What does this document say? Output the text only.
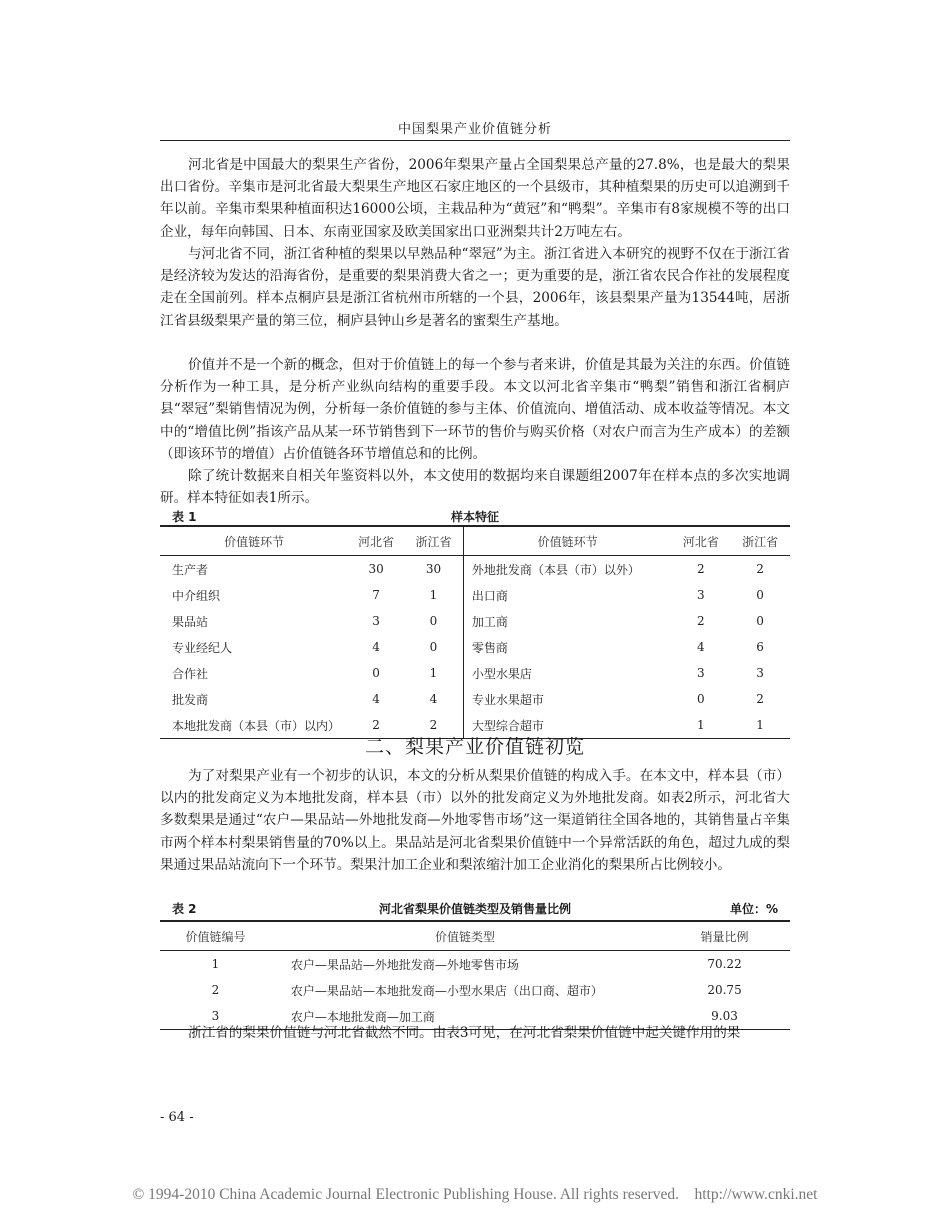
中国梨果产业价值链分析

河北省是中国最大的梨果生产省份，2006年梨果产量占全国梨果总产量的27.8%，也是最大的梨果出口省份。辛集市是河北省最大梨果生产地区石家庄地区的一个县级市，其种植梨果的历史可以追溯到千年以前。辛集市梨果种植面积达16000公顷，主栽品种为“黄冠”和“鸭梨”。辛集市有8家规模不等的出口企业，每年向韩国、日本、东南亚国家及欧美国家出口亚洲梨共计2万吨左右。

与河北省不同，浙江省种植的梨果以早熟品种“翠冠”为主。浙江省进入本研究的视野不仅在于浙江省是经济较为发达的沿海省份，是重要的梨果消费大省之一；更为重要的是，浙江省农民合作社的发展程度走在全国前列。样本点桐庐县是浙江省杭州市所辖的一个县，2006年，该县梨果产量为13544吨，居浙江省县级梨果产量的第三位，桐庐县钟山乡是著名的蜜梨生产基地。

价值并不是一个新的概念，但对于价值链上的每一个参与者来讲，价值是其最为关注的东西。价值链分析作为一种工具，是分析产业纵向结构的重要手段。本文以河北省辛集市“鸭梨”销售和浙江省桐庐县“翠冠”梨销售情况为例，分析每一条价值链的参与主体、价值流向、增值活动、成本收益等情况。本文中的“增值比例”指该产品从某一环节销售到下一环节的售价与购买价格（对农户而言为生产成本）的差额（即该环节的增值）占价值链各环节增值总和的比例。

除了统计数据来自相关年鉴资料以外，本文使用的数据均来自课题组2007年在样本点的多次实地调研。样本特征如表1所示。

表 1	样本特征
价值链环节	河北省	浙江省	价值链环节	河北省	浙江省
生产者	30	30	外地批发商（本县（市）以外）	2	2
中介组织	7	1	出口商	3	0
果品站	3	0	加工商	2	0
专业经纪人	4	0	零售商	4	6
合作社	0	1	小型水果店	3	3
批发商	4	4	专业水果超市	0	2
本地批发商（本县（市）以内）	2	2	大型综合超市	1	1
二、梨果产业价值链初览

为了对梨果产业有一个初步的认识，本文的分析从梨果价值链的构成入手。在本文中，样本县（市）以内的批发商定义为本地批发商，样本县（市）以外的批发商定义为外地批发商。如表2所示，河北省大多数梨果是通过“农户—果品站—外地批发商—外地零售市场”这一渠道销往全国各地的，其销售量占辛集市两个样本村梨果销售量的70%以上。果品站是河北省梨果价值链中一个异常活跃的角色，超过九成的梨果通过果品站流向下一个环节。梨果汁加工企业和梨浓缩汁加工企业消化的梨果所占比例较小。

表 2	河北省梨果价值链类型及销售量比例	单位：%
价值链编号	价值链类型	销量比例
1	农户—果品站—外地批发商—外地零售市场	70.22
2	农户—果品站—本地批发商—小型水果店（出口商、超市）	20.75
3	农户—本地批发商—加工商	9.03

浙江省的梨果价值链与河北省截然不同。由表3可见，在河北省梨果价值链中起关键作用的果

- 64 -
© 1994-2010 China Academic Journal Electronic Publishing House. All rights reserved. http://www.cnki.net
